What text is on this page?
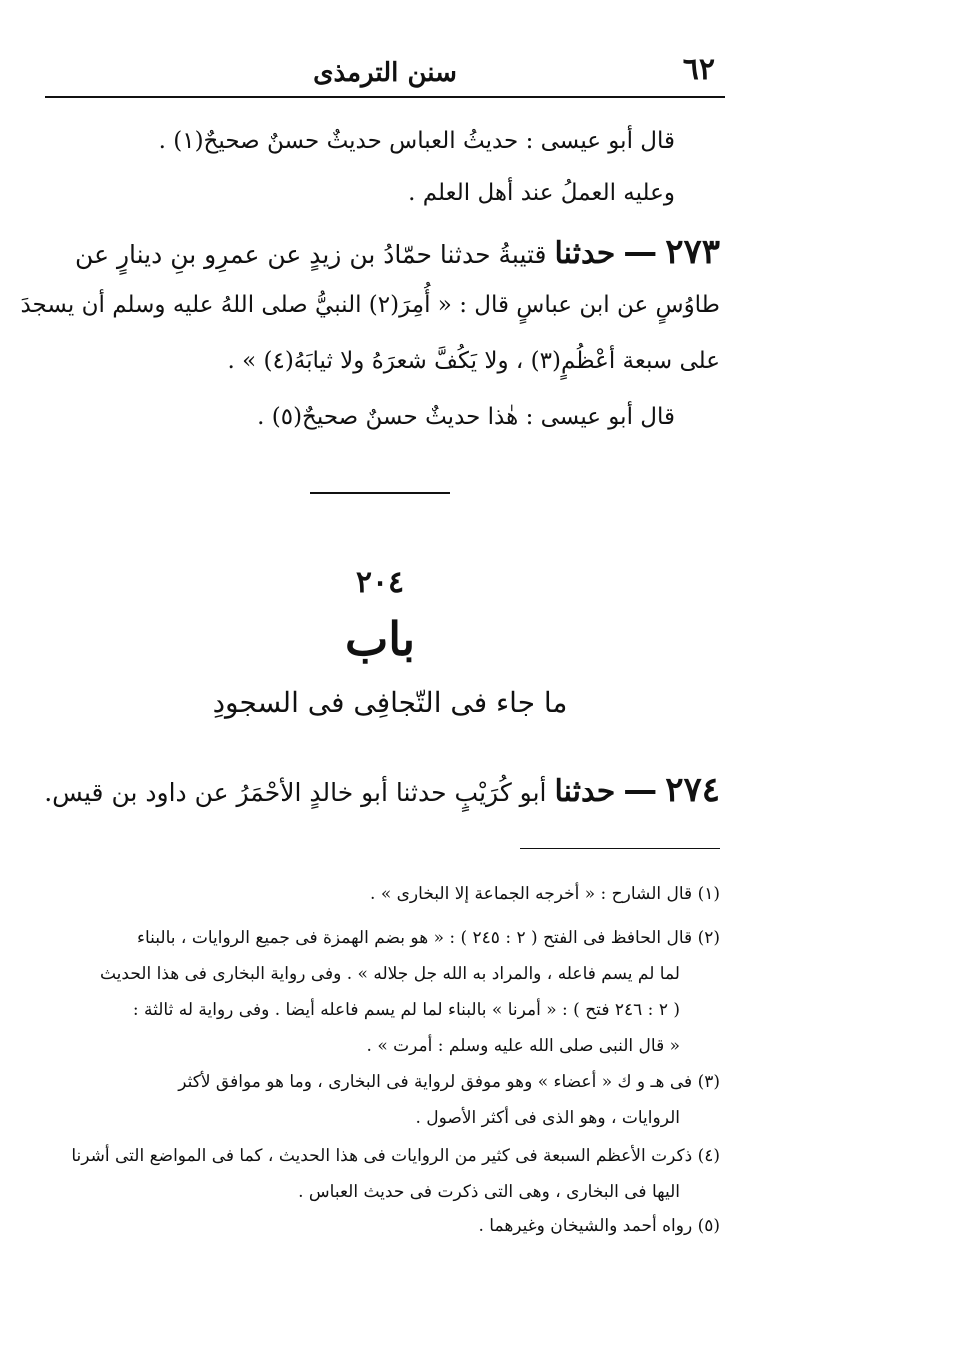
٦٢
سنن الترمذى
قال أبو عيسى : حديثُ العباس حديثٌ حسنٌ صحيحٌ(١) .
وعليه العملُ عند أهل العلم .
٢٧٣ — حدثنا قتيبةُ حدثنا حمّادُ بن زيدٍ عن عمرِو بنِ دينارٍ عن
طاوُسٍ عن ابن عباسٍ قال : « أُمِرَ(٢) النبيُّ صلى اللهُ عليه وسلم أن يسجدَ
على سبعة أعْظُمٍ(٣) ، ولا يَكُفَّ شعرَهُ ولا ثيابَهُ(٤) » .
قال أبو عيسى : هٰذا حديثٌ حسنٌ صحيحٌ(٥) .
٢٠٤
باب
ما جاء فى التّجافِى فى السجودِ
٢٧٤ — حدثنا أبو كُرَيْبٍ حدثنا أبو خالدٍ الأحْمَرُ عن داود بن قيس.
(١) قال الشارح : « أخرجه الجماعة إلا البخارى » .
(٢) قال الحافظ فى الفتح ( ٢ : ٢٤٥ ) : « هو بضم الهمزة فى جميع الروايات ، بالبناء
لما لم يسم فاعله ، والمراد به الله جل جلاله » . وفى رواية البخارى فى هذا الحديث
( ٢ : ٢٤٦ فتح ) : « أمرنا » بالبناء لما لم يسم فاعله أيضا . وفى رواية له ثالثة :
« قال النبى صلى الله عليه وسلم : أمرت » .
(٣) فى هـ و ك « أعضاء » وهو موفق لرواية فى البخارى ، وما هو موافق لأكثر
الروايات ، وهو الذى فى أكثر الأصول .
(٤) ذكرت الأعظم السبعة فى كثير من الروايات فى هذا الحديث ، كما فى المواضع التى أشرنا
اليها فى البخارى ، وهى التى ذكرت فى حديث العباس .
(٥) رواه أحمد والشيخان وغيرهما .
